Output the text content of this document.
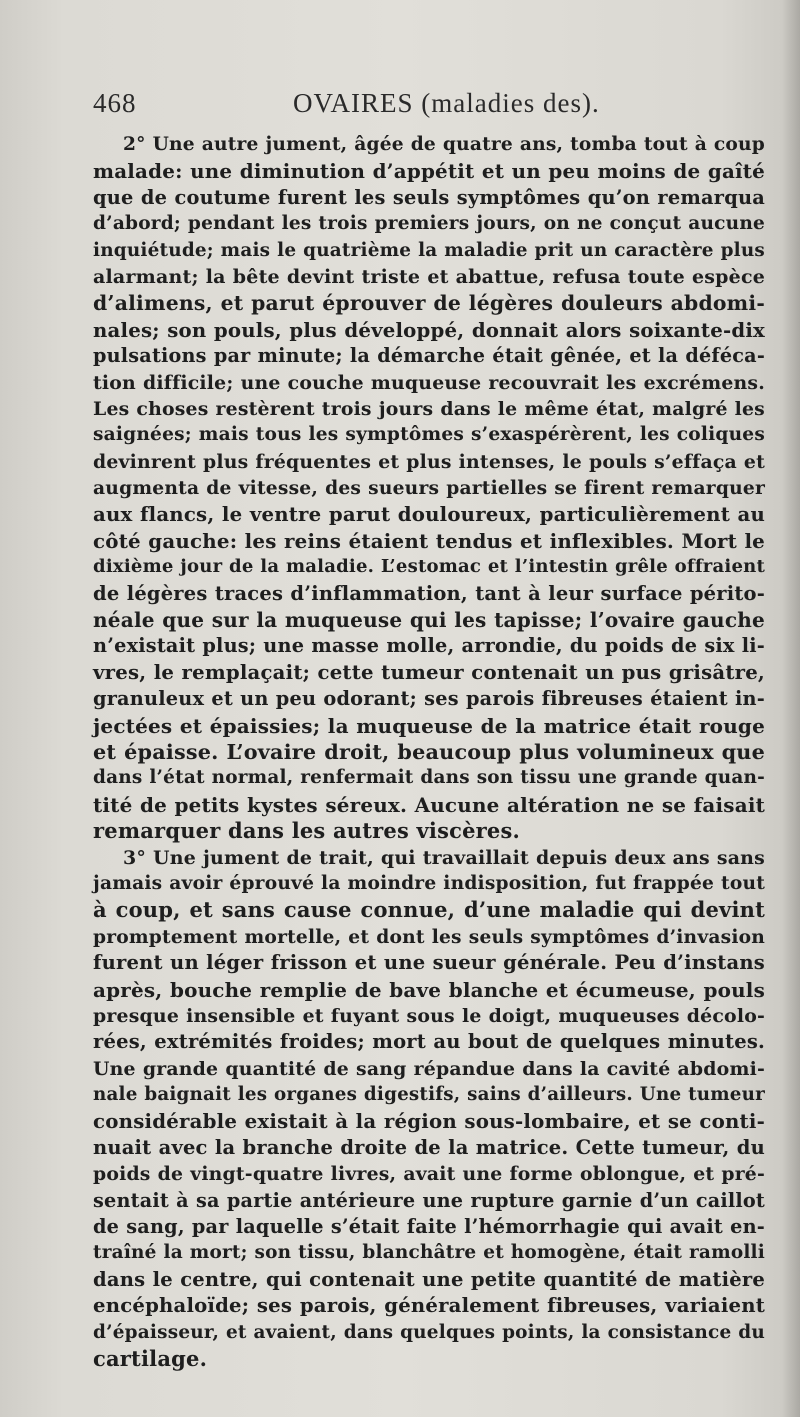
468	OVAIRES (maladies des).
2° Une autre jument, âgée de quatre ans, tomba tout à coup
malade: une diminution d’appétit et un peu moins de gaîté
que de coutume furent les seuls symptômes qu’on remarqua
d’abord; pendant les trois premiers jours, on ne conçut aucune
inquiétude; mais le quatrième la maladie prit un caractère plus
alarmant; la bête devint triste et abattue, refusa toute espèce
d’alimens, et parut éprouver de légères douleurs abdomi-
nales; son pouls, plus développé, donnait alors soixante-dix
pulsations par minute; la démarche était gênée, et la déféca-
tion difficile; une couche muqueuse recouvrait les excrémens.
Les choses restèrent trois jours dans le même état, malgré les
saignées; mais tous les symptômes s’exaspérèrent, les coliques
devinrent plus fréquentes et plus intenses, le pouls s’effaça et
augmenta de vitesse, des sueurs partielles se firent remarquer
aux flancs, le ventre parut douloureux, particulièrement au
côté gauche: les reins étaient tendus et inflexibles. Mort le
dixième jour de la maladie. L’estomac et l’intestin grêle offraient
de légères traces d’inflammation, tant à leur surface périto-
néale que sur la muqueuse qui les tapisse; l’ovaire gauche
n’existait plus; une masse molle, arrondie, du poids de six li-
vres, le remplaçait; cette tumeur contenait un pus grisâtre,
granuleux et un peu odorant; ses parois fibreuses étaient in-
jectées et épaissies; la muqueuse de la matrice était rouge
et épaisse. L’ovaire droit, beaucoup plus volumineux que
dans l’état normal, renfermait dans son tissu une grande quan-
tité de petits kystes séreux. Aucune altération ne se faisait
remarquer dans les autres viscères.
3° Une jument de trait, qui travaillait depuis deux ans sans
jamais avoir éprouvé la moindre indisposition, fut frappée tout
à coup, et sans cause connue, d’une maladie qui devint
promptement mortelle, et dont les seuls symptômes d’invasion
furent un léger frisson et une sueur générale. Peu d’instans
après, bouche remplie de bave blanche et écumeuse, pouls
presque insensible et fuyant sous le doigt, muqueuses décolo-
rées, extrémités froides; mort au bout de quelques minutes.
Une grande quantité de sang répandue dans la cavité abdomi-
nale baignait les organes digestifs, sains d’ailleurs. Une tumeur
considérable existait à la région sous-lombaire, et se conti-
nuait avec la branche droite de la matrice. Cette tumeur, du
poids de vingt-quatre livres, avait une forme oblongue, et pré-
sentait à sa partie antérieure une rupture garnie d’un caillot
de sang, par laquelle s’était faite l’hémorrhagie qui avait en-
traîné la mort; son tissu, blanchâtre et homogène, était ramolli
dans le centre, qui contenait une petite quantité de matière
encéphaloïde; ses parois, généralement fibreuses, variaient
d’épaisseur, et avaient, dans quelques points, la consistance du
cartilage.
